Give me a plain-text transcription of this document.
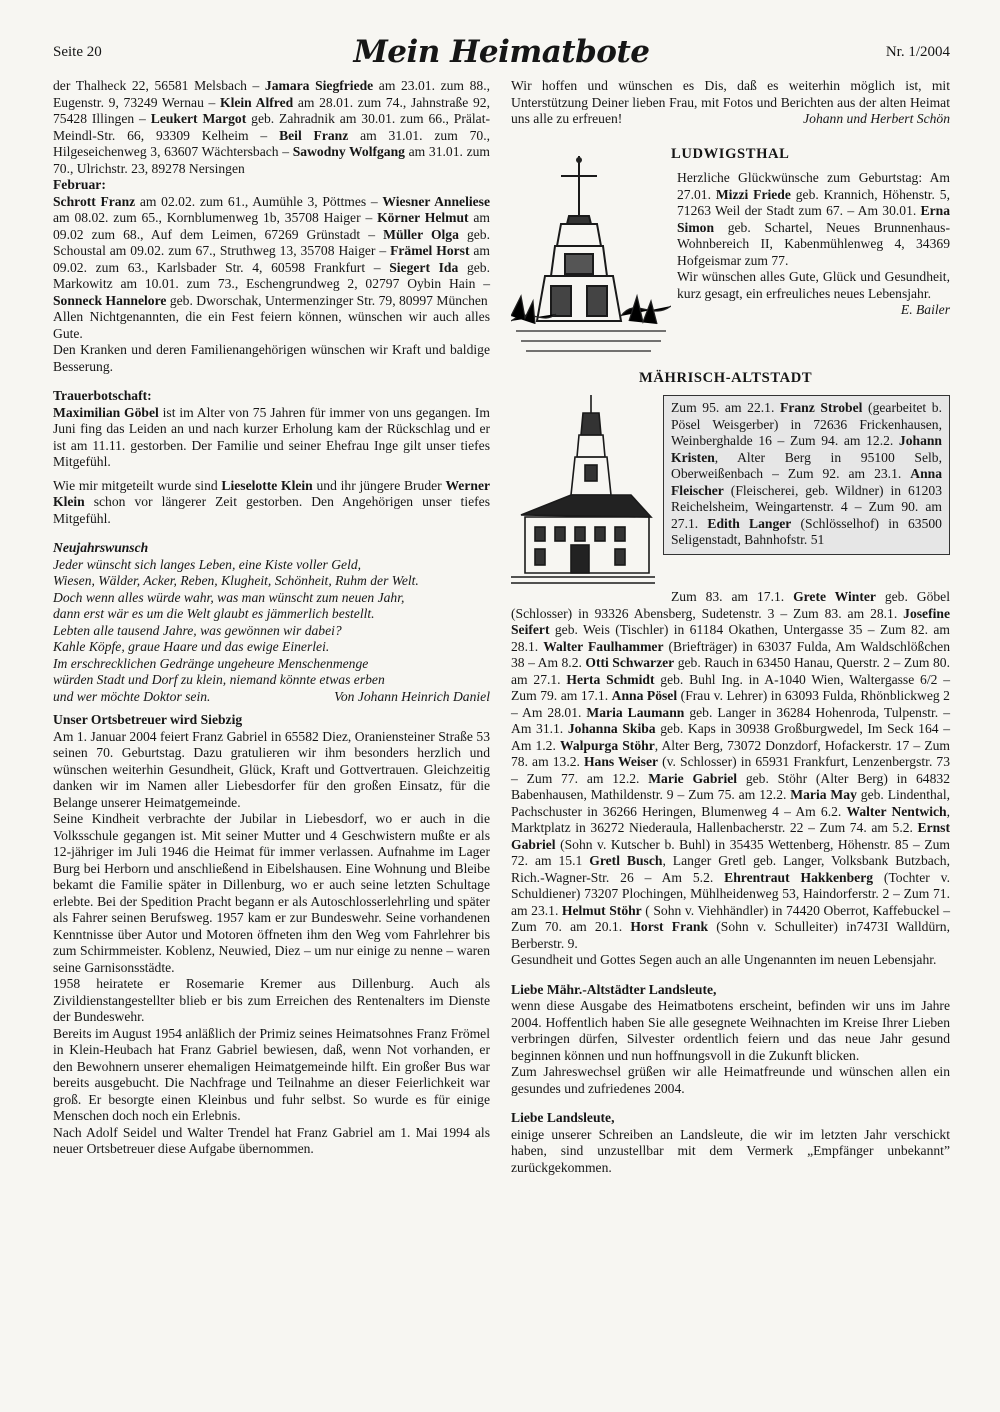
Seite 20	Mein Heimatbote	Nr. 1/2004

der Thalheck 22, 56581 Melsbach – Jamara Siegfriede am 23.01. zum 88., Eugenstr. 9, 73249 Wernau – Klein Alfred am 28.01. zum 74., Jahnstraße 92, 75428 Illingen – Leukert Margot geb. Zahradnik am 30.01. zum 66., Prälat-Meindl-Str. 66, 93309 Kelheim – Beil Franz am 31.01. zum 70., Hilgeseichenweg 3, 63607 Wächtersbach – Sawodny Wolfgang am 31.01. zum 70., Ulrichstr. 23, 89278 Nersingen

Februar:

Schrott Franz am 02.02. zum 61., Aumühle 3, Pöttmes – Wiesner Anneliese am 08.02. zum 65., Kornblumenweg 1b, 35708 Haiger – Körner Helmut am 09.02 zum 68., Auf dem Leimen, 67269 Grünstadt – Müller Olga geb. Schoustal am 09.02. zum 67., Struthweg 13, 35708 Haiger – Främel Horst am 09.02. zum 63., Karlsbader Str. 4, 60598 Frankfurt – Siegert Ida geb. Markowitz am 10.01. zum 73., Eschengrundweg 2, 02797 Oybin Hain – Sonneck Hannelore geb. Dworschak, Untermenzinger Str. 79, 80997 München

Allen Nichtgenannten, die ein Fest feiern können, wünschen wir auch alles Gute.

Den Kranken und deren Familienangehörigen wünschen wir Kraft und baldige Besserung.

Trauerbotschaft:

Maximilian Göbel ist im Alter von 75 Jahren für immer von uns gegangen. Im Juni fing das Leiden an und nach kurzer Erholung kam der Rückschlag und er ist am 11.11. gestorben. Der Familie und seiner Ehefrau Inge gilt unser tiefes Mitgefühl.

Wie mir mitgeteilt wurde sind Lieselotte Klein und ihr jüngere Bruder Werner Klein schon vor längerer Zeit gestorben. Den Angehörigen unser tiefes Mitgefühl.

Neujahrswunsch

Jeder wünscht sich langes Leben, eine Kiste voller Geld,
Wiesen, Wälder, Acker, Reben, Klugheit, Schönheit, Ruhm der Welt.
Doch wenn alles würde wahr, was man wünscht zum neuen Jahr,
dann erst wär es um die Welt glaubt es jämmerlich bestellt.
Lebten alle tausend Jahre, was gewönnen wir dabei?
Kahle Köpfe, graue Haare und das ewige Einerlei.
Im erschrecklichen Gedränge ungeheure Menschenmenge
würden Stadt und Dorf zu klein, niemand könnte etwas erben
und wer möchte Doktor sein.	Von Johann Heinrich Daniel

Unser Ortsbetreuer wird Siebzig

Am 1. Januar 2004 feiert Franz Gabriel in 65582 Diez, Oraniensteiner Straße 53 seinen 70. Geburtstag. Dazu gratulieren wir ihm besonders herzlich und wünschen weiterhin Gesundheit, Glück, Kraft und Gottvertrauen. Gleichzeitig danken wir im Namen aller Liebesdorfer für den großen Einsatz, für die Belange unserer Heimatgemeinde.

Seine Kindheit verbrachte der Jubilar in Liebesdorf, wo er auch in die Volksschule gegangen ist. Mit seiner Mutter und 4 Geschwistern mußte er als 12-jähriger im Juli 1946 die Heimat für immer verlassen. Aufnahme im Lager Burg bei Herborn und anschließend in Eibelshausen. Eine Wohnung und Bleibe bekamt die Familie später in Dillenburg, wo er auch seine letzten Schultage erlebte. Bei der Spedition Pracht begann er als Autoschlosserlehrling und später als Fahrer seinen Berufsweg. 1957 kam er zur Bundeswehr. Seine vorhandenen Kenntnisse über Autor und Motoren öffneten ihm den Weg vom Fahrlehrer bis zum Schirmmeister. Koblenz, Neuwied, Diez – um nur einige zu nenne – waren seine Garnisonsstädte.

1958 heiratete er Rosemarie Kremer aus Dillenburg. Auch als Zivildienstangestellter blieb er bis zum Erreichen des Rentenalters im Dienste der Bundeswehr.

Bereits im August 1954 anläßlich der Primiz seines Heimatsohnes Franz Frömel in Klein-Heubach hat Franz Gabriel bewiesen, daß, wenn Not vorhanden, er den Bewohnern unserer ehemaligen Heimatgemeinde hilft. Ein großer Bus war bereits ausgebucht. Die Nachfrage und Teilnahme an dieser Feierlichkeit war groß. Er besorgte einen Kleinbus und fuhr selbst. So wurde es für einige Menschen doch noch ein Erlebnis.

Nach Adolf Seidel und Walter Trendel hat Franz Gabriel am 1. Mai 1994 als neuer Ortsbetreuer diese Aufgabe übernommen.

Wir hoffen und wünschen es Dis, daß es weiterhin möglich ist, mit Unterstützung Deiner lieben Frau, mit Fotos und Berichten aus der alten Heimat uns alle zu erfreuen!	Johann und Herbert Schön

LUDWIGSTHAL

Herzliche Glückwünsche zum Geburtstag: Am 27.01. Mizzi Friede geb. Krannich, Höhenstr. 5, 71263 Weil der Stadt zum 67. – Am 30.01. Erna Simon geb. Schartel, Neues Brunnenhaus-Wohnbereich II, Kabenmühlenweg 4, 34369 Hofgeismar zum 77.

Wir wünschen alles Gute, Glück und Gesundheit, kurz gesagt, ein erfreuliches neues Lebensjahr.
E. Bailer

MÄHRISCH-ALTSTADT

Zum 95. am 22.1. Franz Strobel (gearbeitet b. Pösel Weisgerber) in 72636 Frickenhausen, Weinberghalde 16 – Zum 94. am 12.2. Johann Kristen, Alter Berg in 95100 Selb, Oberweißenbach – Zum 92. am 23.1. Anna Fleischer (Fleischerei, geb. Wildner) in 61203 Reichelsheim, Weingartenstr. 4 – Zum 90. am 27.1. Edith Langer (Schlösselhof) in 63500 Seligenstadt, Bahnhofstr. 51

Zum 83. am 17.1. Grete Winter geb. Göbel (Schlosser) in 93326 Abensberg, Sudetenstr. 3 – Zum 83. am 28.1. Josefine Seifert geb. Weis (Tischler) in 61184 Okathen, Untergasse 35 – Zum 82. am 28.1. Walter Faulhammer (Briefträger) in 63037 Fulda, Am Waldschlößchen 38 – Am 8.2. Otti Schwarzer geb. Rauch in 63450 Hanau, Querstr. 2 – Zum 80. am 27.1. Herta Schmidt geb. Buhl Ing. in A-1040 Wien, Waltergasse 6/2 – Zum 79. am 17.1. Anna Pösel (Frau v. Lehrer) in 63093 Fulda, Rhönblickweg 2 – Am 28.01. Maria Laumann geb. Langer in 36284 Hohenroda, Tulpenstr. – Am 31.1. Johanna Skiba geb. Kaps in 30938 Großburgwedel, Im Seck 164 – Am 1.2. Walpurga Stöhr, Alter Berg, 73072 Donzdorf, Hofackerstr. 17 – Zum 78. am 13.2. Hans Weiser (v. Schlosser) in 65931 Frankfurt, Lenzenbergstr. 73 – Zum 77. am 12.2. Marie Gabriel geb. Stöhr (Alter Berg) in 64832 Babenhausen, Mathildenstr. 9 – Zum 75. am 12.2. Maria May geb. Lindenthal, Pachschuster in 36266 Heringen, Blumenweg 4 – Am 6.2. Walter Nentwich, Marktplatz in 36272 Niederaula, Hallenbacherstr. 22 – Zum 74. am 5.2. Ernst Gabriel (Sohn v. Kutscher b. Buhl) in 35435 Wettenberg, Höhenstr. 85 – Zum 72. am 15.1 Gretl Busch, Langer Gretl geb. Langer, Volksbank Butzbach, Rich.-Wagner-Str. 26 – Am 5.2. Ehrentraut Hakkenberg (Tochter v. Schuldiener) 73207 Plochingen, Mühlheidenweg 53, Haindorferstr. 2 – Zum 71. am 23.1. Helmut Stöhr ( Sohn v. Viehhändler) in 74420 Oberrot, Kaffebuckel – Zum 70. am 20.1. Horst Frank (Sohn v. Schulleiter) in7473I Walldürn, Berberstr. 9.

Gesundheit und Gottes Segen auch an alle Ungenannten im neuen Lebensjahr.

Liebe Mähr.-Altstädter Landsleute,

wenn diese Ausgabe des Heimatbotens erscheint, befinden wir uns im Jahre 2004. Hoffentlich haben Sie alle gesegnete Weihnachten im Kreise Ihrer Lieben verbringen dürfen, Silvester ordentlich feiern und das neue Jahr gesund beginnen können und nun hoffnungsvoll in die Zukunft blicken.

Zum Jahreswechsel grüßen wir alle Heimatfreunde und wünschen allen ein gesundes und zufriedenes 2004.

Liebe Landsleute,

einige unserer Schreiben an Landsleute, die wir im letzten Jahr verschickt haben, sind unzustellbar mit dem Vermerk „Empfänger unbekannt” zurückgekommen.
